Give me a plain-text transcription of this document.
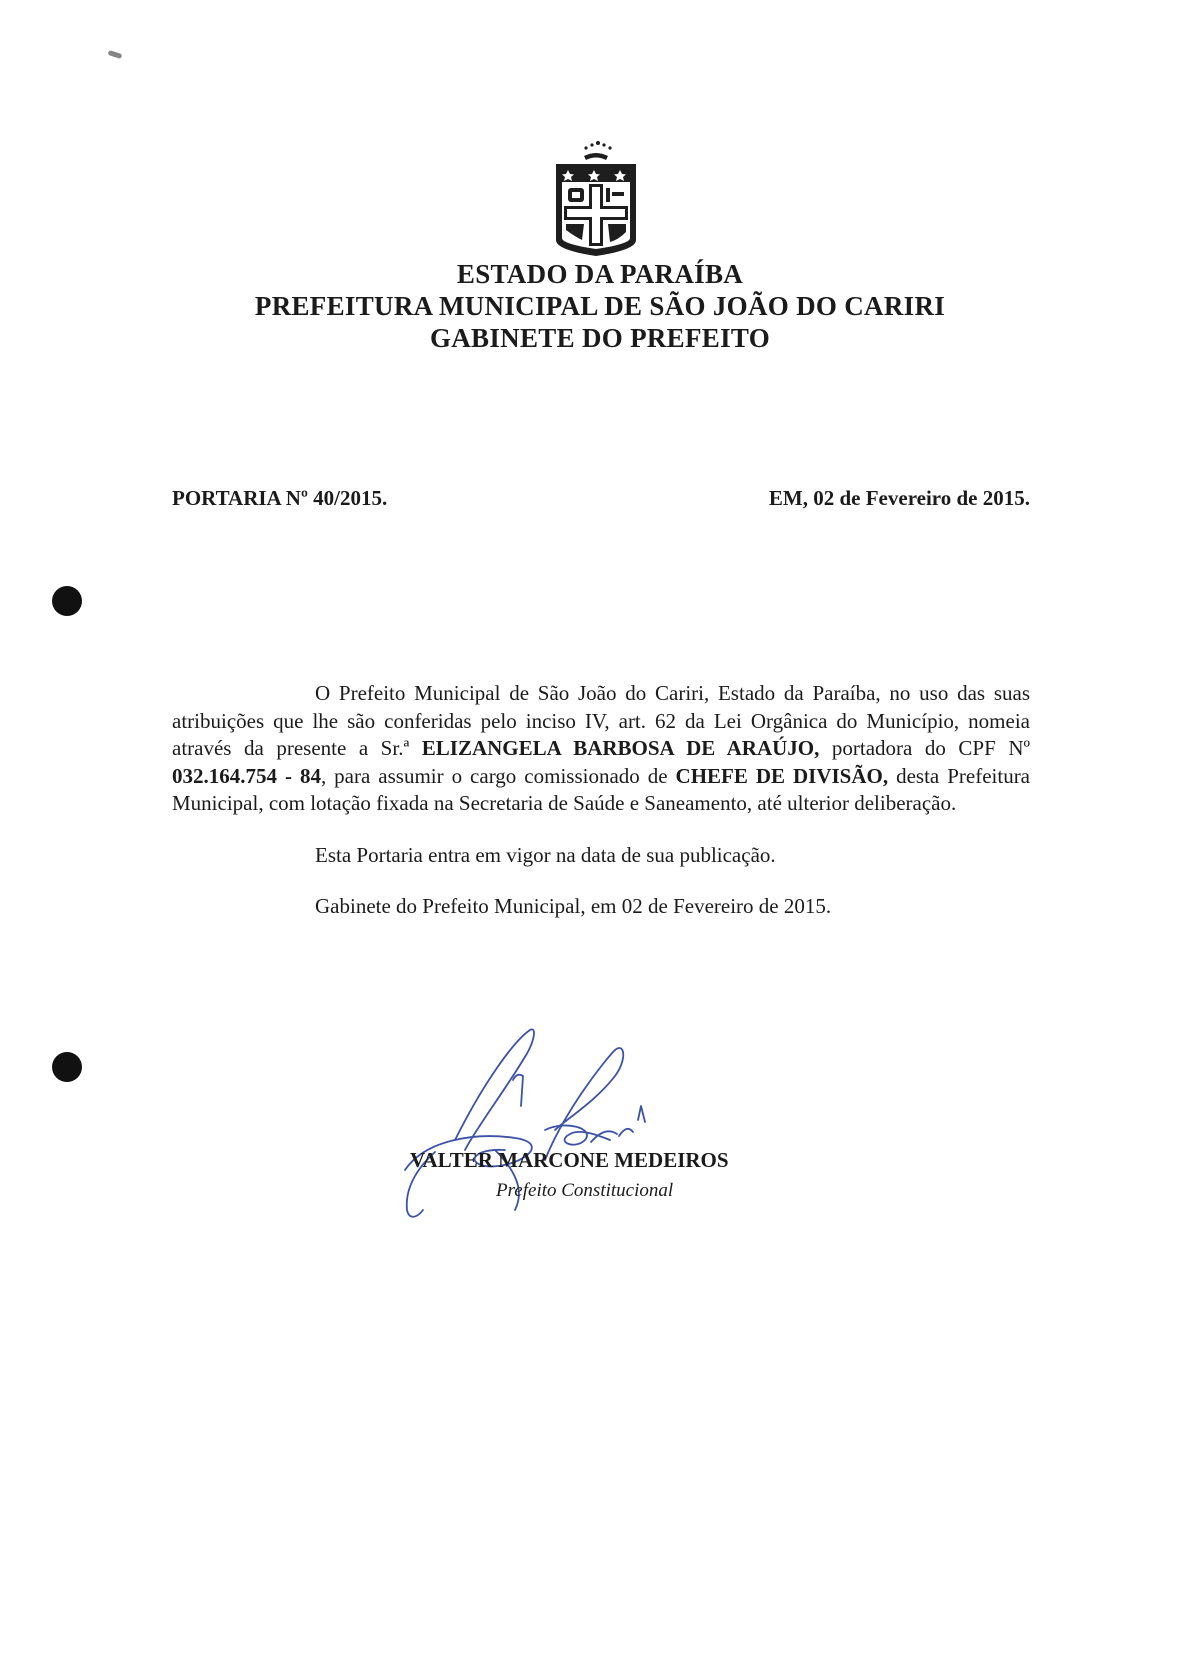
ESTADO DA PARAÍBA
PREFEITURA MUNICIPAL DE SÃO JOÃO DO CARIRI
GABINETE DO PREFEITO
PORTARIA Nº 40/2015.	EM, 02 de Fevereiro de 2015.

O Prefeito Municipal de São João do Cariri, Estado da Paraíba, no uso das suas atribuições que lhe são conferidas pelo inciso IV, art. 62 da Lei Orgânica do Município, nomeia através da presente a Sr.ª ELIZANGELA BARBOSA DE ARAÚJO, portadora do CPF Nº 032.164.754 - 84, para assumir o cargo comissionado de CHEFE DE DIVISÃO, desta Prefeitura Municipal, com lotação fixada na Secretaria de Saúde e Saneamento, até ulterior deliberação.

Esta Portaria entra em vigor na data de sua publicação.

Gabinete do Prefeito Municipal, em 02 de Fevereiro de 2015.

VALTER MARCONE MEDEIROS
Prefeito Constitucional
